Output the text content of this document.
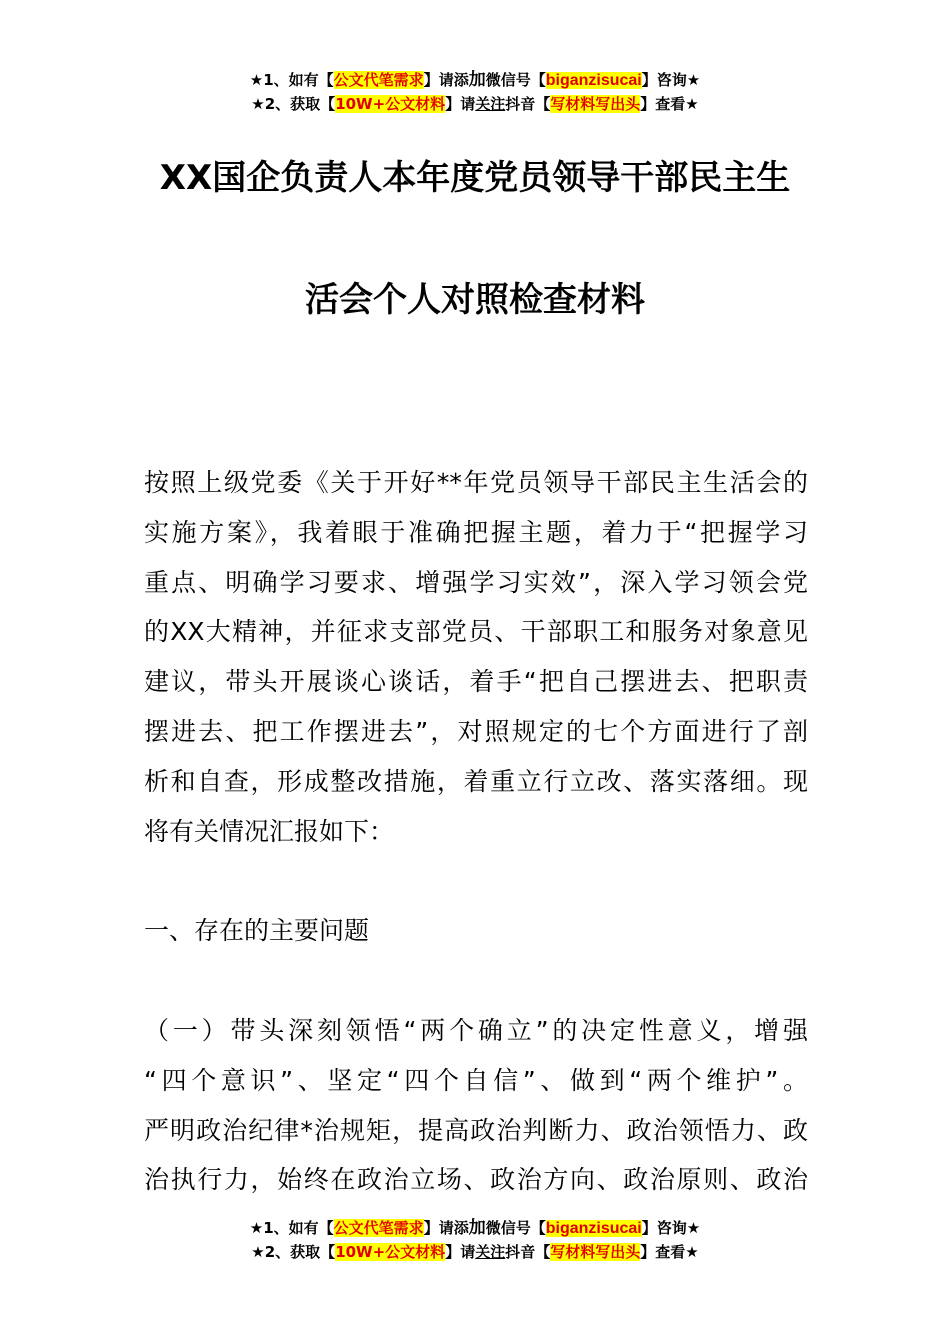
★1、如有【公文代笔需求】请添加微信号【biganzisucai】咨询★
★2、获取【10W+公文材料】请关注抖音【写材料写出头】查看★
XX国企负责人本年度党员领导干部民主生
活会个人对照检查材料
按照上级党委《关于开好**年党员领导干部民主生活会的
实施方案》，我着眼于准确把握主题，着力于“把握学习
重点、明确学习要求、增强学习实效”，深入学习领会党
的XX大精神，并征求支部党员、干部职工和服务对象意见
建议，带头开展谈心谈话，着手“把自己摆进去、把职责
摆进去、把工作摆进去”，对照规定的七个方面进行了剖
析和自查，形成整改措施，着重立行立改、落实落细。现
将有关情况汇报如下：
一、存在的主要问题
（一）带头深刻领悟“两个确立”的决定性意义，增强
“四个意识”、坚定“四个自信”、做到“两个维护”。
严明政治纪律*治规矩，提高政治判断力、政治领悟力、政
治执行力，始终在政治立场、政治方向、政治原则、政治
★1、如有【公文代笔需求】请添加微信号【biganzisucai】咨询★
★2、获取【10W+公文材料】请关注抖音【写材料写出头】查看★
